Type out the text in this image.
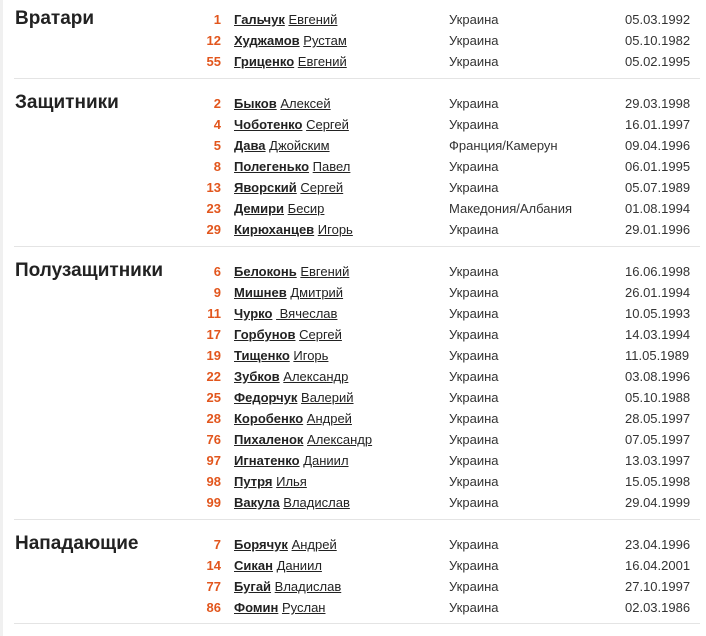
Вратари	1 Гальчук Евгений	Украина	05.03.1992
12 Худжамов Рустам	Украина	05.10.1982
55 Гриценко Евгений	Украина	05.02.1995
Защитники	2 Быков Алексей	Украина	29.03.1998
4 Чоботенко Сергей	Украина	16.01.1997
5 Дава Джойским	Франция/Камерун	09.04.1996
8 Полегенько Павел	Украина	06.01.1995
13 Яворский Сергей	Украина	05.07.1989
23 Демири Бесир	Македония/Албания	01.08.1994
29 Кирюханцев Игорь	Украина	29.01.1996
Полузащитники	6 Белоконь Евгений	Украина	16.06.1998
9 Мишнев Дмитрий	Украина	26.01.1994
11 Чурко  Вячеслав	Украина	10.05.1993
17 Горбунов Сергей	Украина	14.03.1994
19 Тищенко Игорь	Украина	11.05.1989
22 Зубков Александр	Украина	03.08.1996
25 Федорчук Валерий	Украина	05.10.1988
28 Коробенко Андрей	Украина	28.05.1997
76 Пихаленок Александр	Украина	07.05.1997
97 Игнатенко Даниил	Украина	13.03.1997
98 Путря Илья	Украина	15.05.1998
99 Вакула Владислав	Украина	29.04.1999
Нападающие	7 Борячук Андрей	Украина	23.04.1996
14 Сикан Даниил	Украина	16.04.2001
77 Бугай Владислав	Украина	27.10.1997
86 Фомин Руслан	Украина	02.03.1986
